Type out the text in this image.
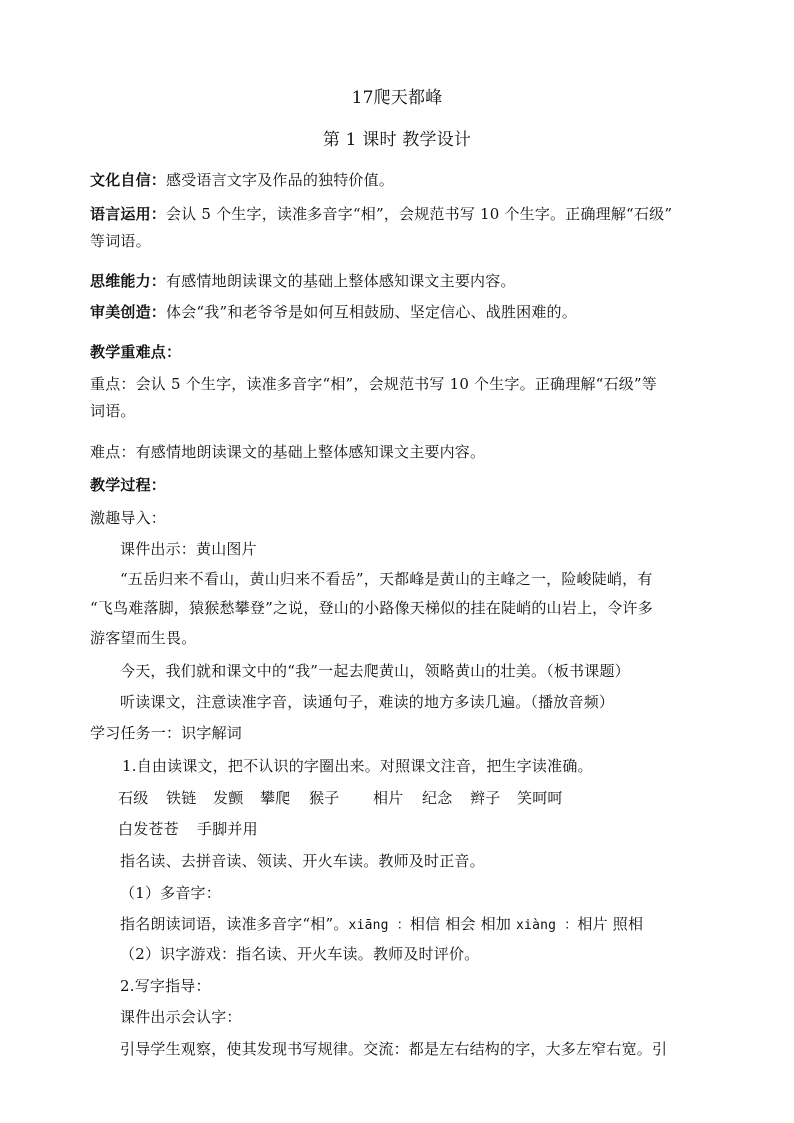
17爬天都峰
第 1 课时 教学设计
文化自信：感受语言文字及作品的独特价值。
语言运用：会认 5 个生字，读准多音字“相”，会规范书写 10 个生字。正确理解“石级”
等词语。
思维能力：有感情地朗读课文的基础上整体感知课文主要内容。
审美创造：体会“我”和老爷爷是如何互相鼓励、坚定信心、战胜困难的。
教学重难点：
重点：会认 5 个生字，读准多音字“相”，会规范书写 10 个生字。正确理解“石级”等
词语。
难点：有感情地朗读课文的基础上整体感知课文主要内容。
教学过程：
激趣导入：
课件出示：黄山图片
“五岳归来不看山，黄山归来不看岳”，天都峰是黄山的主峰之一，险峻陡峭，有
“飞鸟难落脚，猿猴愁攀登”之说，登山的小路像天梯似的挂在陡峭的山岩上，令许多
游客望而生畏。
今天，我们就和课文中的“我”一起去爬黄山，领略黄山的壮美。（板书课题）
听读课文，注意读准字音，读通句子，难读的地方多读几遍。（播放音频）
学习任务一：识字解词
1.自由读课文，把不认识的字圈出来。对照课文注音，把生字读准确。
石级 铁链 发颤 攀爬 猴子 相片 纪念 辫子 笑呵呵
白发苍苍 手脚并用
指名读、去拼音读、领读、开火车读。教师及时正音。
（1）多音字：
指名朗读词语，读准多音字“相”。xiāng ：相信 相会 相加 xiàng ：相片 照相
（2）识字游戏：指名读、开火车读。教师及时评价。
2.写字指导：
课件出示会认字：
引导学生观察，使其发现书写规律。交流：都是左右结构的字，大多左窄右宽。引
